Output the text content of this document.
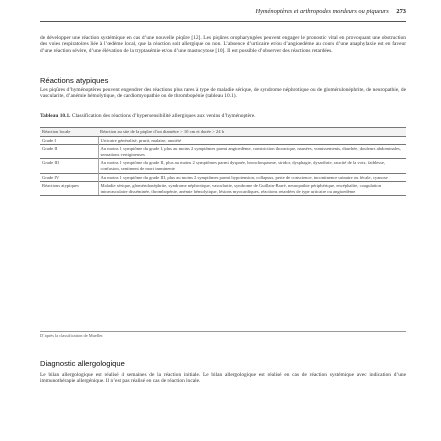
Hyménoptères et arthropodes mordeurs ou piqueurs 273

de développer une réaction systémique en cas d’une nouvelle piqûre [12]. Les piqûres oropharyngées peuvent engager le pronostic vital en provoquant une obstruction des voies respiratoires liée à l’œdème local, que la réaction soit allergique ou non. L’absence d’urticaire et/ou d’angioedème au cours d’une anaphylaxie est en faveur d’une réaction sévère, d’une élévation de la tryptasémie et/ou d’une mastocytose [10]. Il est possible d’observer des réactions retardées.

Réactions atypiques

Les piqûres d’hyménoptères peuvent engendrer des réactions plus rares à type de maladie sérique, de syndrome néphrotique ou de glomérulonéphrite, de neuropathie, de vascularite, d’anémie hémolytique, de cardiomyopathie ou de thrombopénie (tableau 10.1).

Tableau 10.1. Classification des réactions d’hypersensibilité allergiques aux venins d’hyménoptère.
Réaction locale	Réaction au site de la piqûre d’un diamètre > 10 cm et durée > 24 h
Grade I	Urticaire généralisé, prurit, malaise, anxiété
Grade II	Au moins 1 symptôme du grade I, plus au moins 2 symptômes parmi angioedème, constriction thoracique, nausées, vomissements, diarrhée, douleurs abdominales, sensations vertigineuses
Grade III	Au moins 1 symptôme du grade II, plus au moins 2 symptômes parmi dyspnée, bronchospasme, stridor, dysphagie, dysarthrie, raucité de la voix, faiblesse, confusion, sentiment de mort imminente
Grade IV	Au moins 1 symptôme du grade III, plus au moins 2 symptômes parmi hypotension, collapsus, perte de conscience, incontinence urinaire ou fécale, cyanose
Réactions atypiques	Maladie sérique, glomérulonéphrite, syndrome néphrotique, vascularite, syndrome de Guillain-Barré, neuropathie périphérique, encéphalite, coagulation intravasculaire disséminée, thrombopénie, anémie hémolytique, lésions myocardiques, réactions retardées de type urticaire ou angioedème
D’après la classification de Mueller.
Diagnostic allergologique

Le bilan allergologique est réalisé 4 semaines de la réaction initiale. Le bilan allergologique est réalisé en cas de réaction systémique avec indication d’une immunothérapie allergénique. Il n’est pas réalisé en cas de réaction locale.
